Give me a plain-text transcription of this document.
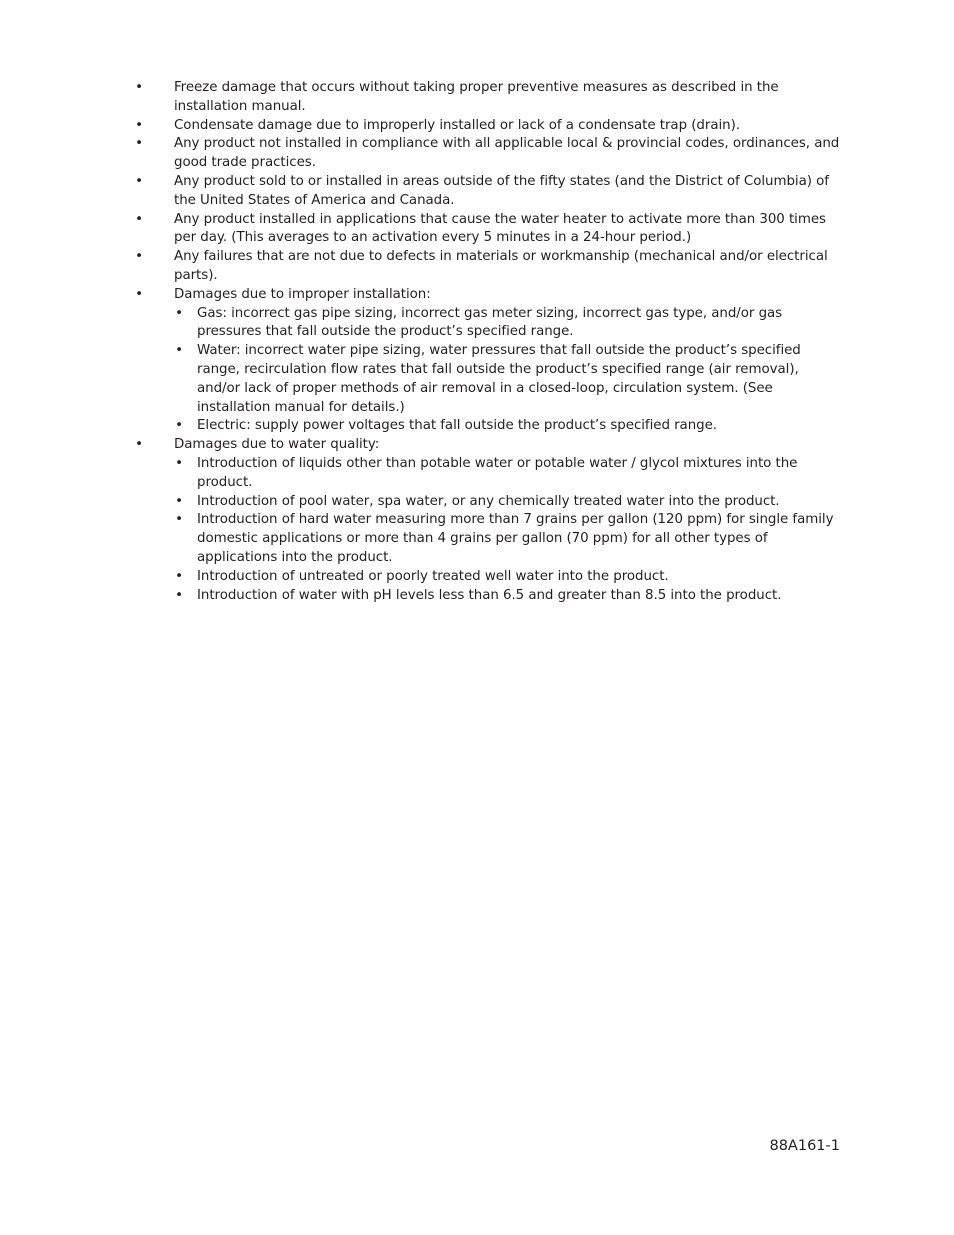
• Freeze damage that occurs without taking proper preventive measures as described in the installation manual.
• Condensate damage due to improperly installed or lack of a condensate trap (drain).
• Any product not installed in compliance with all applicable local & provincial codes, ordinances, and good trade practices.
• Any product sold to or installed in areas outside of the fifty states (and the District of Columbia) of the United States of America and Canada.
• Any product installed in applications that cause the water heater to activate more than 300 times per day. (This averages to an activation every 5 minutes in a 24-hour period.)
• Any failures that are not due to defects in materials or workmanship (mechanical and/or electrical parts).
• Damages due to improper installation:
• Gas: incorrect gas pipe sizing, incorrect gas meter sizing, incorrect gas type, and/or gas pressures that fall outside the product’s specified range.
• Water: incorrect water pipe sizing, water pressures that fall outside the product’s specified range, recirculation flow rates that fall outside the product’s specified range (air removal), and/or lack of proper methods of air removal in a closed-loop, circulation system. (See installation manual for details.)
• Electric: supply power voltages that fall outside the product’s specified range.
• Damages due to water quality:
• Introduction of liquids other than potable water or potable water / glycol mixtures into the product.
• Introduction of pool water, spa water, or any chemically treated water into the product.
• Introduction of hard water measuring more than 7 grains per gallon (120 ppm) for single family domestic applications or more than 4 grains per gallon (70 ppm) for all other types of applications into the product.
• Introduction of untreated or poorly treated well water into the product.
• Introduction of water with pH levels less than 6.5 and greater than 8.5 into the product.
88A161-1
